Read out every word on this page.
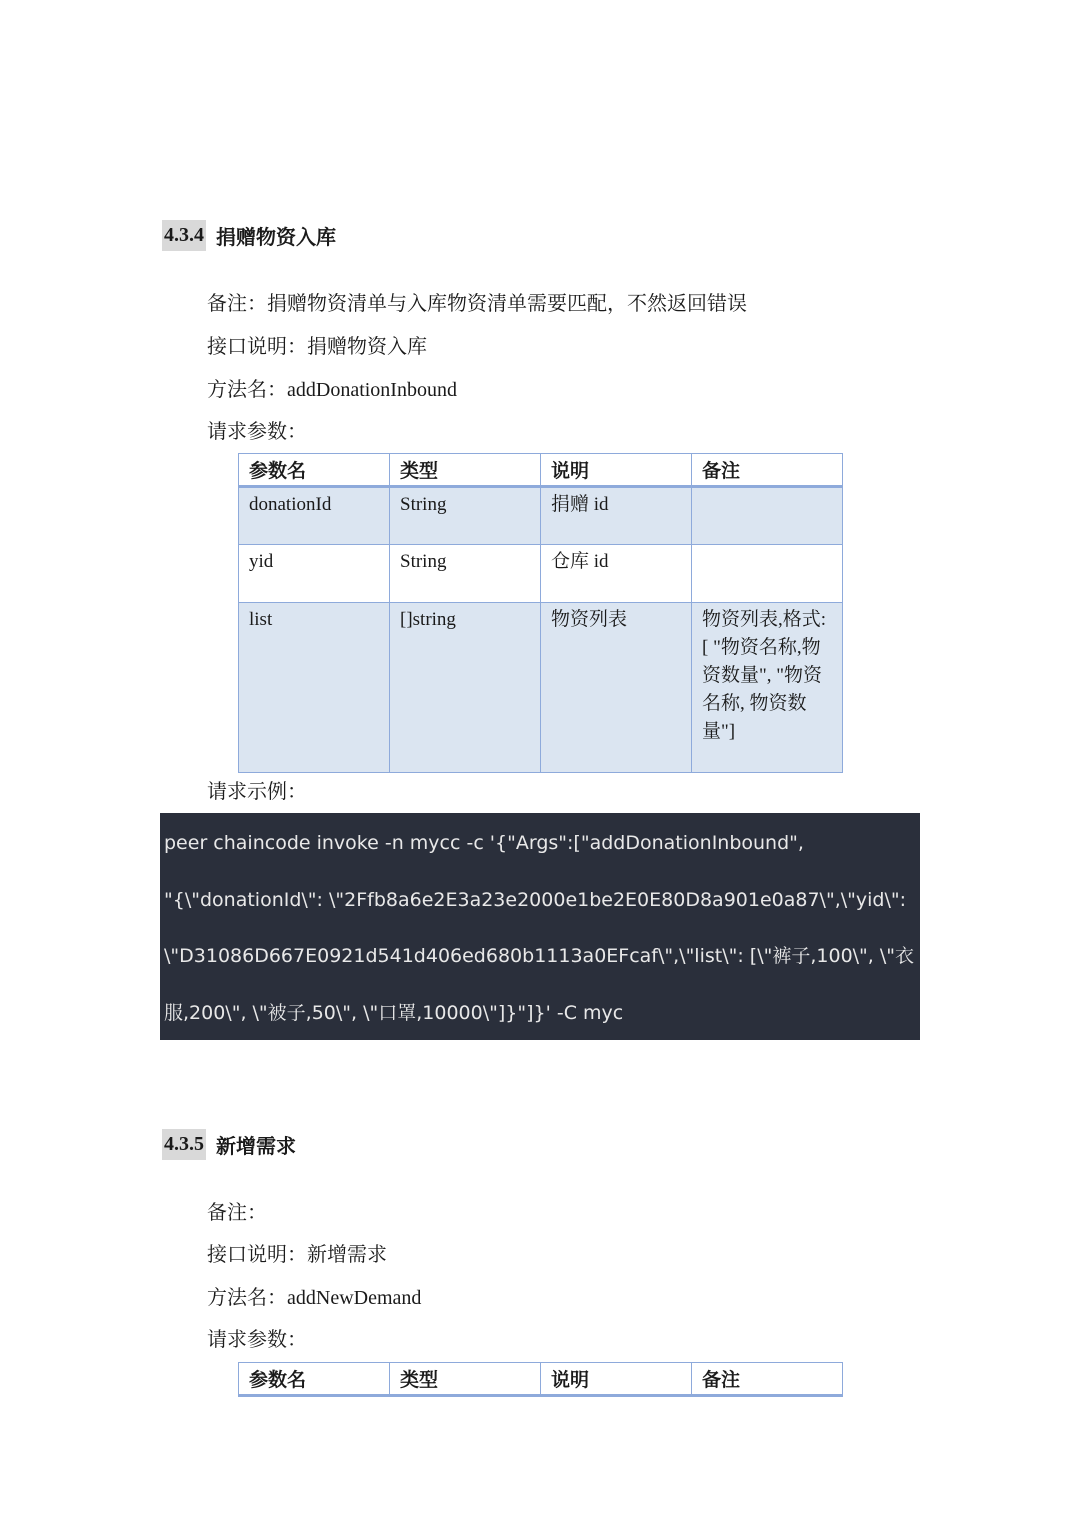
4.3.4 捐赠物资入库
备注：捐赠物资清单与入库物资清单需要匹配，不然返回错误
接口说明：捐赠物资入库
方法名：addDonationInbound
请求参数：
参数名	类型	说明	备注
donationId	String	捐赠 id	
yid	String	仓库 id	
list	[]string	物资列表	物资列表,格式:[ "物资名称,物资数量", "物资名称, 物资数量"]
请求示例：
peer chaincode invoke -n mycc -c '{"Args":["addDonationInbound",
"{\"donationId\": \"2Ffb8a6e2E3a23e2000e1be2E0E80D8a901e0a87\",\"yid\":
\"D31086D667E0921d541d406ed680b1113a0EFcaf\",\"list\": [\"裤子,100\", \"衣
服,200\", \"被子,50\", \"口罩,10000\"]}"]}' -C myc
4.3.5 新增需求
备注：
接口说明：新增需求
方法名：addNewDemand
请求参数：
参数名	类型	说明	备注
